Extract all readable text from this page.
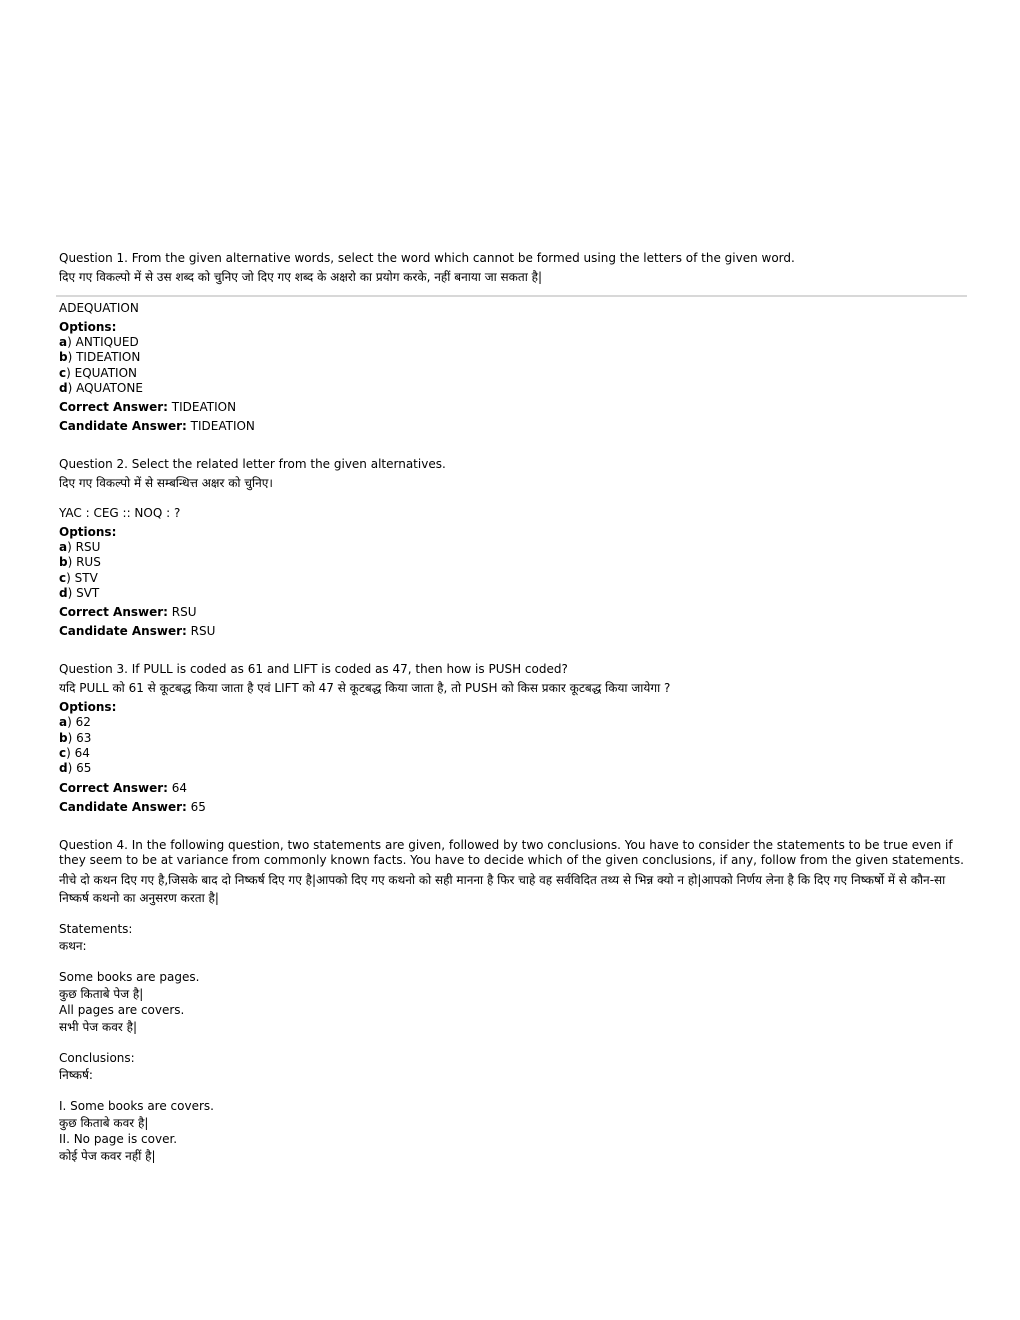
Question 1. From the given alternative words, select the word which cannot be formed using the letters of the given word.
दिए गए विकल्पो में से उस शब्द को चुनिए जो दिए गए शब्द के अक्षरो का प्रयोग करके, नहीं बनाया जा सकता है|
ADEQUATION
Options:
a) ANTIQUED
b) TIDEATION
c) EQUATION
d) AQUATONE
Correct Answer: TIDEATION
Candidate Answer: TIDEATION
Question 2. Select the related letter from the given alternatives.
दिए गए विकल्पो में से सम्बन्धित्त अक्षर को चुनिए।
YAC : CEG :: NOQ : ?
Options:
a) RSU
b) RUS
c) STV
d) SVT
Correct Answer: RSU
Candidate Answer: RSU
Question 3. If PULL is coded as 61 and LIFT is coded as 47, then how is PUSH coded?
यदि PULL को 61 से कूटबद्ध किया जाता है एवं LIFT को 47 से कूटबद्ध किया जाता है, तो PUSH को किस प्रकार कूटबद्ध किया जायेगा ?
Options:
a) 62
b) 63
c) 64
d) 65
Correct Answer: 64
Candidate Answer: 65
Question 4. In the following question, two statements are given, followed by two conclusions. You have to consider the statements to be true even if they seem to be at variance from commonly known facts. You have to decide which of the given conclusions, if any, follow from the given statements.
नीचे दो कथन दिए गए है,जिसके बाद दो निष्कर्ष दिए गए है|आपको दिए गए कथनो को सही मानना है फिर चाहे वह सर्वविदित तथ्य से भिन्न क्यो न हो|आपको निर्णय लेना है कि दिए गए निष्कर्षो में से कौन-सा निष्कर्ष कथनो का अनुसरण करता है|
Statements:
कथन:
Some books are pages.
कुछ किताबे पेज है|
All pages are covers.
सभी पेज कवर है|
Conclusions:
निष्कर्ष:
I. Some books are covers.
कुछ किताबे कवर है|
II. No page is cover.
कोई पेज कवर नहीं है|
